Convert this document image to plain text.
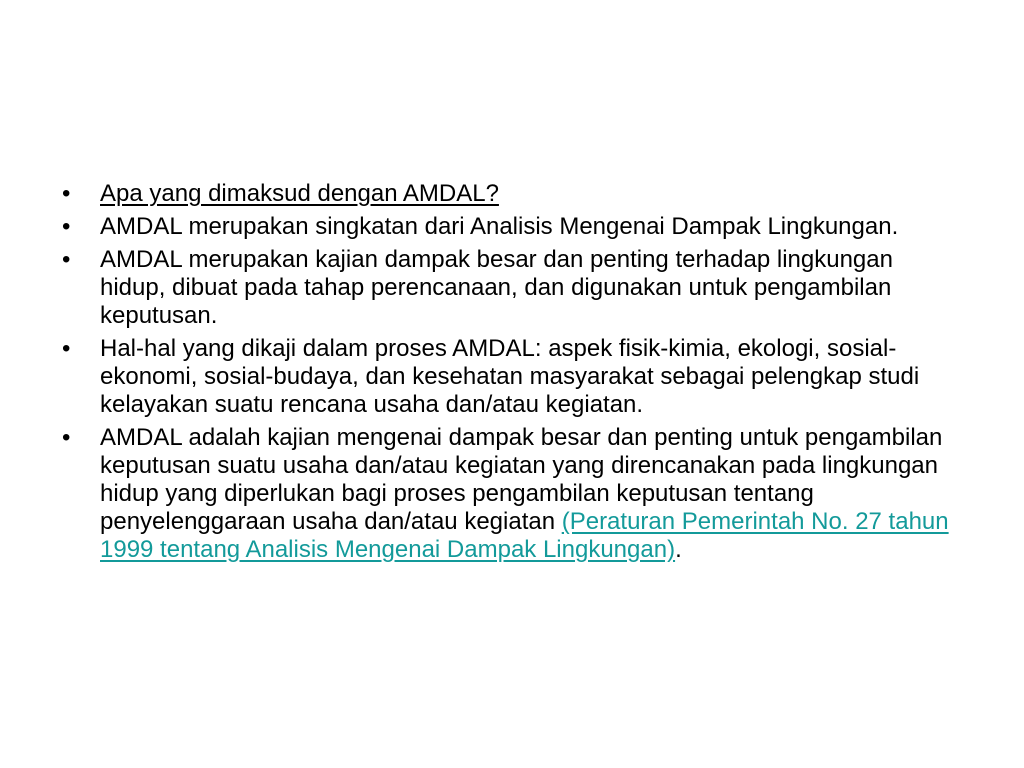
•	Apa yang dimaksud dengan AMDAL?
•	AMDAL merupakan singkatan dari Analisis Mengenai Dampak Lingkungan.
•	AMDAL merupakan kajian dampak besar dan penting terhadap lingkungan hidup, dibuat pada tahap perencanaan, dan digunakan untuk pengambilan keputusan.
•	Hal-hal yang dikaji dalam proses AMDAL: aspek fisik-kimia, ekologi, sosial-ekonomi, sosial-budaya, dan kesehatan masyarakat sebagai pelengkap studi kelayakan suatu rencana usaha dan/atau kegiatan.
•	AMDAL adalah kajian mengenai dampak besar dan penting untuk pengambilan keputusan suatu usaha dan/atau kegiatan yang direncanakan pada lingkungan hidup yang diperlukan bagi proses pengambilan keputusan tentang penyelenggaraan usaha dan/atau kegiatan (Peraturan Pemerintah No. 27 tahun 1999 tentang Analisis Mengenai Dampak Lingkungan).
